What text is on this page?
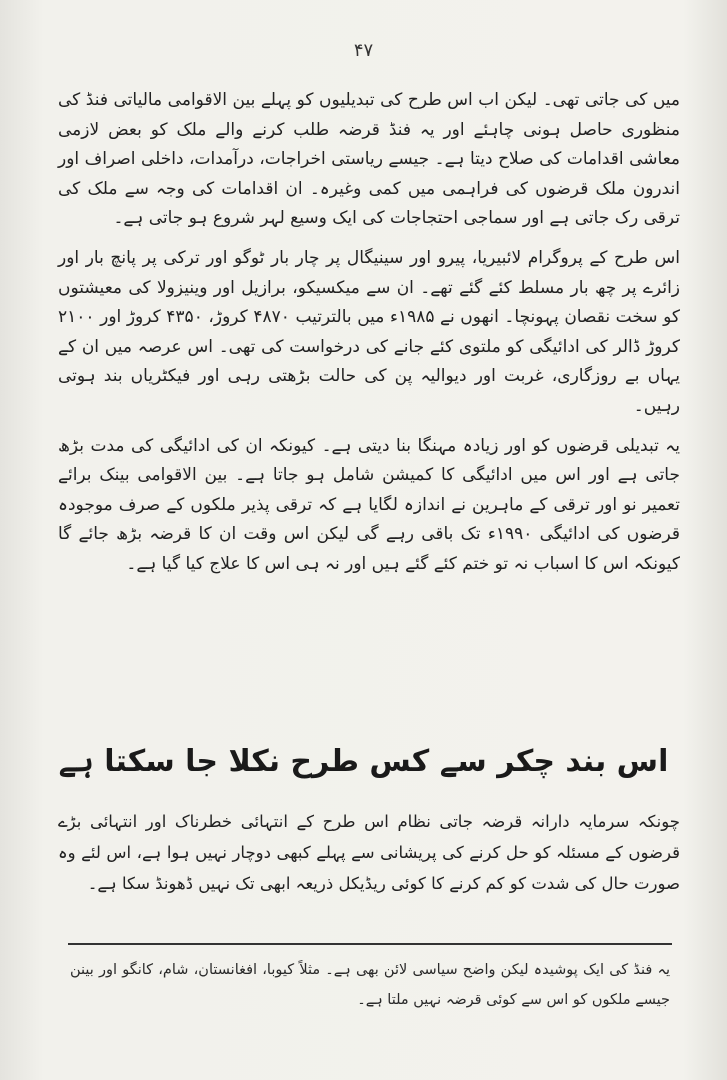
۴۷

میں کی جاتی تھی۔ لیکن اب اس طرح کی تبدیلیوں کو پہلے بین الاقوامی مالیاتی فنڈ کی منظوری حاصل ہونی چاہئے اور یہ فنڈ قرضہ طلب کرنے والے ملک کو بعض لازمی معاشی اقدامات کی صلاح دیتا ہے۔ جیسے ریاستی اخراجات، درآمدات، داخلی اصراف اور اندرون ملک قرضوں کی فراہمی میں کمی وغیرہ۔ ان اقدامات کی وجہ سے ملک کی ترقی رک جاتی ہے اور سماجی احتجاجات کی ایک وسیع لہر شروع ہو جاتی ہے۔

اس طرح کے پروگرام لائبیریا، پیرو اور سینیگال پر چار بار ٹوگو اور ترکی پر پانچ بار اور زائرے پر چھ بار مسلط کئے گئے تھے۔ ان سے میکسیکو، برازیل اور وینیزولا کی معیشتوں کو سخت نقصان پہونچا۔ انھوں نے ۱۹۸۵ء میں بالترتیب ۴۸۷۰ کروڑ، ۴۳۵۰ کروڑ اور ۲۱۰۰ کروڑ ڈالر کی ادائیگی کو ملتوی کئے جانے کی درخواست کی تھی۔ اس عرصہ میں ان کے یہاں بے روزگاری، غربت اور دیوالیہ پن کی حالت بڑھتی رہی اور فیکٹریاں بند ہوتی رہیں۔

یہ تبدیلی قرضوں کو اور زیادہ مہنگا بنا دیتی ہے۔ کیونکہ ان کی ادائیگی کی مدت بڑھ جاتی ہے اور اس میں ادائیگی کا کمیشن شامل ہو جاتا ہے۔ بین الاقوامی بینک برائے تعمیر نو اور ترقی کے ماہرین نے اندازہ لگایا ہے کہ ترقی پذیر ملکوں کے صرف موجودہ قرضوں کی ادائیگی ۱۹۹۰ء تک باقی رہے گی لیکن اس وقت ان کا قرضہ بڑھ جائے گا کیونکہ اس کا اسباب نہ تو ختم کئے گئے ہیں اور نہ ہی اس کا علاج کیا گیا ہے۔

اس بند چکر سے کس طرح نکلا جا سکتا ہے

چونکہ سرمایہ دارانہ قرضہ جاتی نظام اس طرح کے انتہائی خطرناک اور انتہائی بڑے قرضوں کے مسئلہ کو حل کرنے کی پریشانی سے پہلے کبھی دوچار نہیں ہوا ہے، اس لئے وہ صورت حال کی شدت کو کم کرنے کا کوئی ریڈیکل ذریعہ ابھی تک نہیں ڈھونڈ سکا ہے۔

یہ فنڈ کی ایک پوشیدہ لیکن واضح سیاسی لائن بھی ہے۔ مثلاً کیوبا، افغانستان، شام، کانگو اور بینن جیسے ملکوں کو اس سے کوئی قرضہ نہیں ملتا ہے۔
